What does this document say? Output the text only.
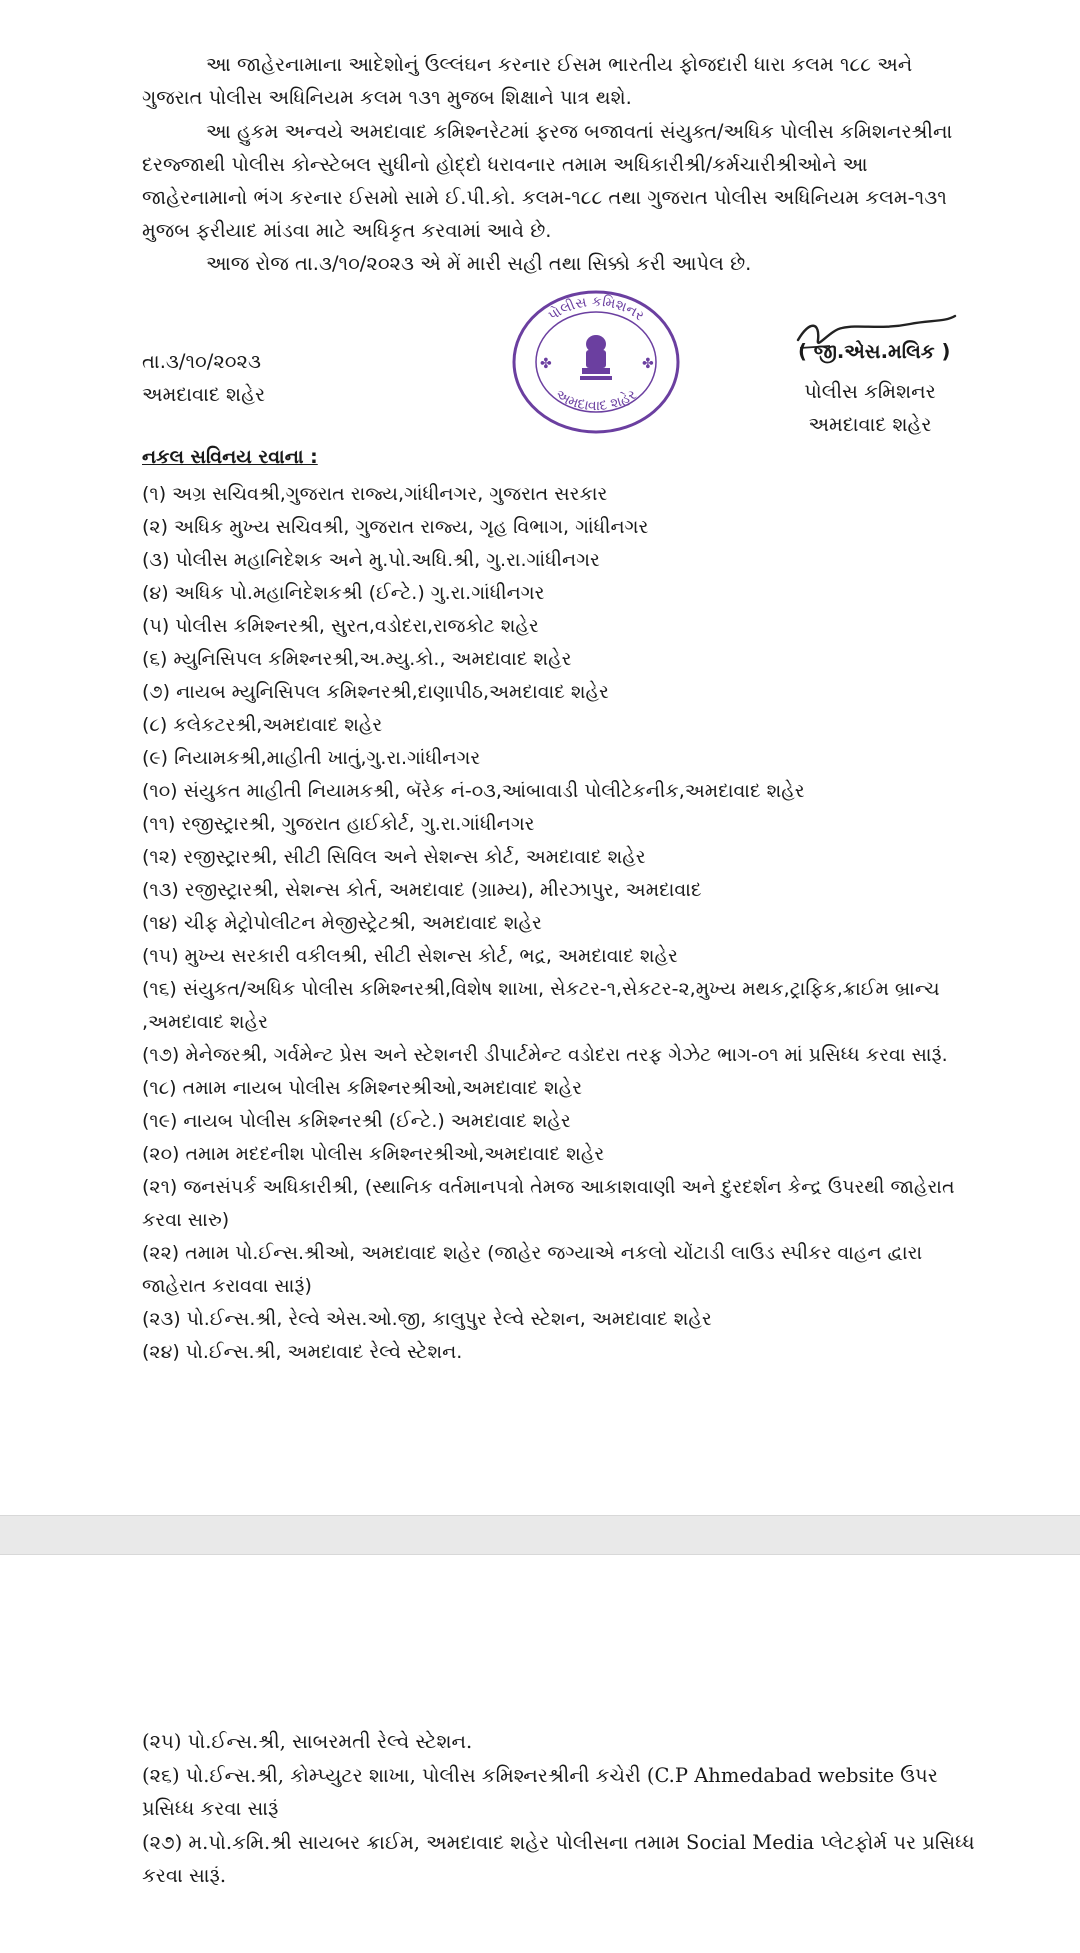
આ જાહેરનામાના આદેશોનું ઉલ્લંઘન કરનાર ઈસમ ભારતીય ફોજદારી ધારા કલમ ૧૮૮ અને ગુજરાત પોલીસ અધિનિયમ કલમ ૧૩૧ મુજબ શિક્ષાને પાત્ર થશે.

આ હુકમ અન્વયે અમદાવાદ કમિશ્નરેટમાં ફરજ બજાવતાં સંયુક્ત/અધિક પોલીસ કમિશનરશ્રીના દરજ્જાથી પોલીસ કોન્સ્ટેબલ સુધીનો હોદ્દો ધરાવનાર તમામ અધિકારીશ્રી/કર્મચારીશ્રીઓને આ જાહેરનામાનો ભંગ કરનાર ઈસમો સામે ઈ.પી.કો. કલમ-૧૮૮ તથા ગુજરાત પોલીસ અધિનિયમ કલમ-૧૩૧ મુજબ ફરીયાદ માંડવા માટે અધિકૃત કરવામાં આવે છે.

આજ રોજ તા.૩/૧૦/૨૦૨૩ એ મેં મારી સહી તથા સિક્કો કરી આપેલ છે.

તા.૩/૧૦/૨૦૨૩
અમદાવાદ શહેર
પોલીસ કમિશનર
અમદાવાદ શહેર
✤	✤
( જી.એસ.મલિક )
પોલીસ કમિશનર
અમદાવાદ શહેર
નકલ સવિનય રવાના :
(૧) અગ્ર સચિવશ્રી,ગુજરાત રાજ્ય,ગાંધીનગર, ગુજરાત સરકાર
(૨) અધિક મુખ્ય સચિવશ્રી, ગુજરાત રાજ્ય, ગૃહ વિભાગ, ગાંધીનગર
(૩) પોલીસ મહાનિદેશક અને મુ.પો.અધિ.શ્રી, ગુ.રા.ગાંધીનગર
(૪) અધિક પો.મહાનિદેશકશ્રી (ઈન્ટે.) ગુ.રા.ગાંધીનગર
(૫) પોલીસ કમિશ્નરશ્રી, સુરત,વડોદરા,રાજકોટ શહેર
(૬) મ્યુનિસિપલ કમિશ્નરશ્રી,અ.મ્યુ.કો., અમદાવાદ શહેર
(૭) નાયબ મ્યુનિસિપલ કમિશ્નરશ્રી,દાણાપીઠ,અમદાવાદ શહેર
(૮) કલેકટરશ્રી,અમદાવાદ શહેર
(૯) નિયામકશ્રી,માહીતી ખાતું,ગુ.રા.ગાંધીનગર
(૧૦) સંયુકત માહીતી નિયામકશ્રી, બૅરેક નં-૦૩,આંબાવાડી પોલીટેકનીક,અમદાવાદ શહેર
(૧૧) રજીસ્ટ્રારશ્રી, ગુજરાત હાઈકોર્ટ, ગુ.રા.ગાંધીનગર
(૧૨) રજીસ્ટ્રારશ્રી, સીટી સિવિલ અને સેશન્સ કોર્ટ, અમદાવાદ શહેર
(૧૩) રજીસ્ટ્રારશ્રી, સેશન્સ કોર્ત, અમદાવાદ (ગ્રામ્ય), મીરઝાપુર, અમદાવાદ
(૧૪) ચીફ મેટ્રોપોલીટન મેજીસ્ટ્રેટશ્રી, અમદાવાદ શહેર
(૧૫) મુખ્ય સરકારી વકીલશ્રી, સીટી સેશન્સ કોર્ટ, ભદ્ર, અમદાવાદ શહેર
(૧૬) સંયુકત/અધિક પોલીસ કમિશ્નરશ્રી,વિશેષ શાખા, સેકટર-૧,સેકટર-૨,મુખ્ય મથક,ટ્રાફિક,ક્રાઈમ બ્રાન્ચ ,અમદાવાદ શહેર
(૧૭) મેનેજરશ્રી, ગર્વમેન્ટ પ્રેસ અને સ્ટેશનરી ડીપાર્ટમેન્ટ વડોદરા તરફ ગેઝેટ ભાગ-૦૧ માં પ્રસિધ્ધ કરવા સારૂં.
(૧૮) તમામ નાયબ પોલીસ કમિશ્નરશ્રીઓ,અમદાવાદ શહેર
(૧૯) નાયબ પોલીસ કમિશ્નરશ્રી (ઈન્ટે.) અમદાવાદ શહેર
(૨૦) તમામ મદદનીશ પોલીસ કમિશ્નરશ્રીઓ,અમદાવાદ શહેર
(૨૧) જનસંપર્ક અધિકારીશ્રી, (સ્થાનિક વર્તમાનપત્રો તેમજ આકાશવાણી અને દુરદર્શન કેન્દ્ર ઉપરથી જાહેરાત કરવા સારુ)
(૨૨) તમામ પો.ઈન્સ.શ્રીઓ, અમદાવાદ શહેર (જાહેર જગ્યાએ નકલો ચોંટાડી લાઉડ સ્પીકર વાહન દ્વારા જાહેરાત કરાવવા સારૂં)
(૨૩) પો.ઈન્સ.શ્રી, રેલ્વે એસ.ઓ.જી, કાલુપુર રેલ્વે સ્ટેશન, અમદાવાદ શહેર
(૨૪) પો.ઈન્સ.શ્રી, અમદાવાદ રેલ્વે સ્ટેશન.
(૨૫) પો.ઈન્સ.શ્રી, સાબરમતી રેલ્વે સ્ટેશન.
(૨૬) પો.ઈન્સ.શ્રી, કોમ્પ્યુટર શાખા, પોલીસ કમિશ્નરશ્રીની કચેરી (C.P Ahmedabad website ઉપર પ્રસિધ્ધ કરવા સારૂં
(૨૭) મ.પો.કમિ.શ્રી સાયબર ક્રાઈમ, અમદાવાદ શહેર પોલીસના તમામ Social Media પ્લેટફોર્મ પર પ્રસિધ્ધ કરવા સારૂં.
